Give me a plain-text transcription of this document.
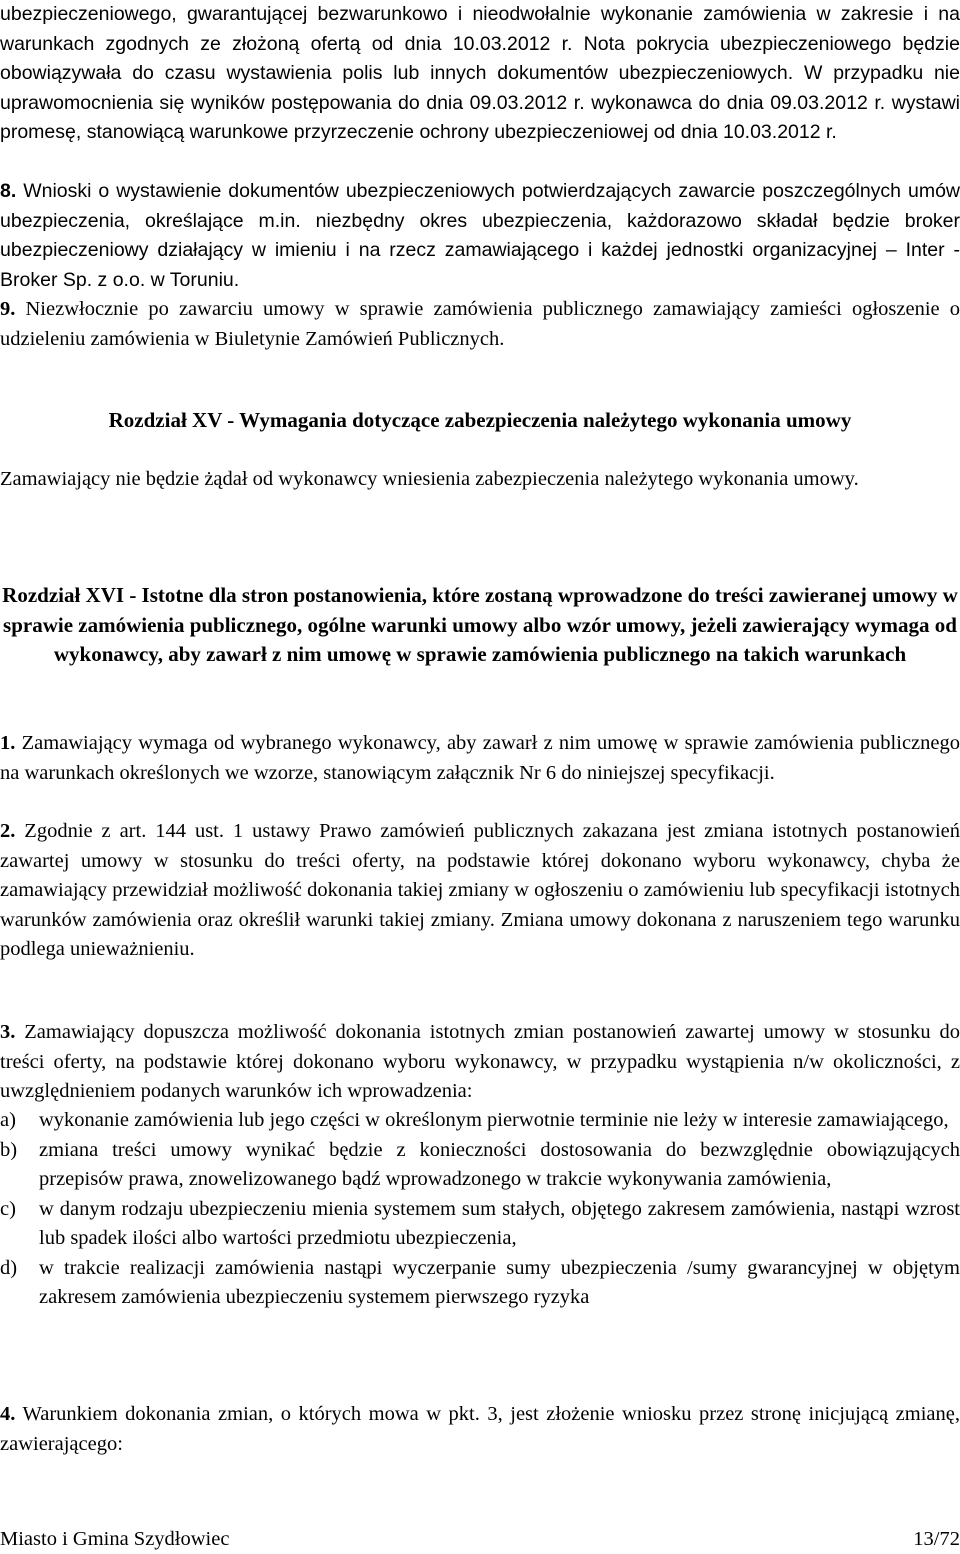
ubezpieczeniowego, gwarantującej bezwarunkowo i nieodwołalnie wykonanie zamówienia w zakresie i na warunkach zgodnych ze złożoną ofertą od dnia 10.03.2012 r. Nota pokrycia ubezpieczeniowego będzie obowiązywała do czasu wystawienia polis lub innych dokumentów ubezpieczeniowych. W przypadku nie uprawomocnienia się wyników postępowania do dnia 09.03.2012 r. wykonawca do dnia 09.03.2012 r. wystawi promesę, stanowiącą warunkowe przyrzeczenie ochrony ubezpieczeniowej od dnia 10.03.2012 r.

8. Wnioski o wystawienie dokumentów ubezpieczeniowych potwierdzających zawarcie poszczególnych umów ubezpieczenia, określające m.in. niezbędny okres ubezpieczenia, każdorazowo składał będzie broker ubezpieczeniowy działający w imieniu i na rzecz zamawiającego i każdej jednostki organizacyjnej – Inter - Broker Sp. z o.o. w Toruniu.

9. Niezwłocznie po zawarciu umowy w sprawie zamówienia publicznego zamawiający zamieści ogłoszenie o udzieleniu zamówienia w Biuletynie Zamówień Publicznych.

Rozdział XV - Wymagania dotyczące zabezpieczenia należytego wykonania umowy

Zamawiający nie będzie żądał od wykonawcy wniesienia zabezpieczenia należytego wykonania umowy.

Rozdział XVI - Istotne dla stron postanowienia, które zostaną wprowadzone do treści zawieranej umowy w sprawie zamówienia publicznego, ogólne warunki umowy albo wzór umowy, jeżeli zawierający wymaga od wykonawcy, aby zawarł z nim umowę w sprawie zamówienia publicznego na takich warunkach

1. Zamawiający wymaga od wybranego wykonawcy, aby zawarł z nim umowę w sprawie zamówienia publicznego na warunkach określonych we wzorze, stanowiącym załącznik Nr 6 do niniejszej specyfikacji.

2. Zgodnie z art. 144 ust. 1 ustawy Prawo zamówień publicznych zakazana jest zmiana istotnych postanowień zawartej umowy w stosunku do treści oferty, na podstawie której dokonano wyboru wykonawcy, chyba że zamawiający przewidział możliwość dokonania takiej zmiany w ogłoszeniu o zamówieniu lub specyfikacji istotnych warunków zamówienia oraz określił warunki takiej zmiany. Zmiana umowy dokonana z naruszeniem tego warunku podlega unieważnieniu.

3. Zamawiający dopuszcza możliwość dokonania istotnych zmian postanowień zawartej umowy w stosunku do treści oferty, na podstawie której dokonano wyboru wykonawcy, w przypadku wystąpienia n/w okoliczności, z uwzględnieniem podanych warunków ich wprowadzenia:

a) wykonanie zamówienia lub jego części w określonym pierwotnie terminie nie leży w interesie zamawiającego,
b) zmiana treści umowy wynikać będzie z konieczności dostosowania do bezwzględnie obowiązujących przepisów prawa, znowelizowanego bądź wprowadzonego w trakcie wykonywania zamówienia,
c) w danym rodzaju ubezpieczeniu mienia systemem sum stałych, objętego zakresem zamówienia, nastąpi wzrost lub spadek ilości albo wartości przedmiotu ubezpieczenia,
d) w trakcie realizacji zamówienia nastąpi wyczerpanie sumy ubezpieczenia /sumy gwarancyjnej w objętym zakresem zamówienia ubezpieczeniu systemem pierwszego ryzyka

4. Warunkiem dokonania zmian, o których mowa w pkt. 3, jest złożenie wniosku przez stronę inicjującą zmianę, zawierającego:

Miasto i Gmina Szydłowiec	13/72
